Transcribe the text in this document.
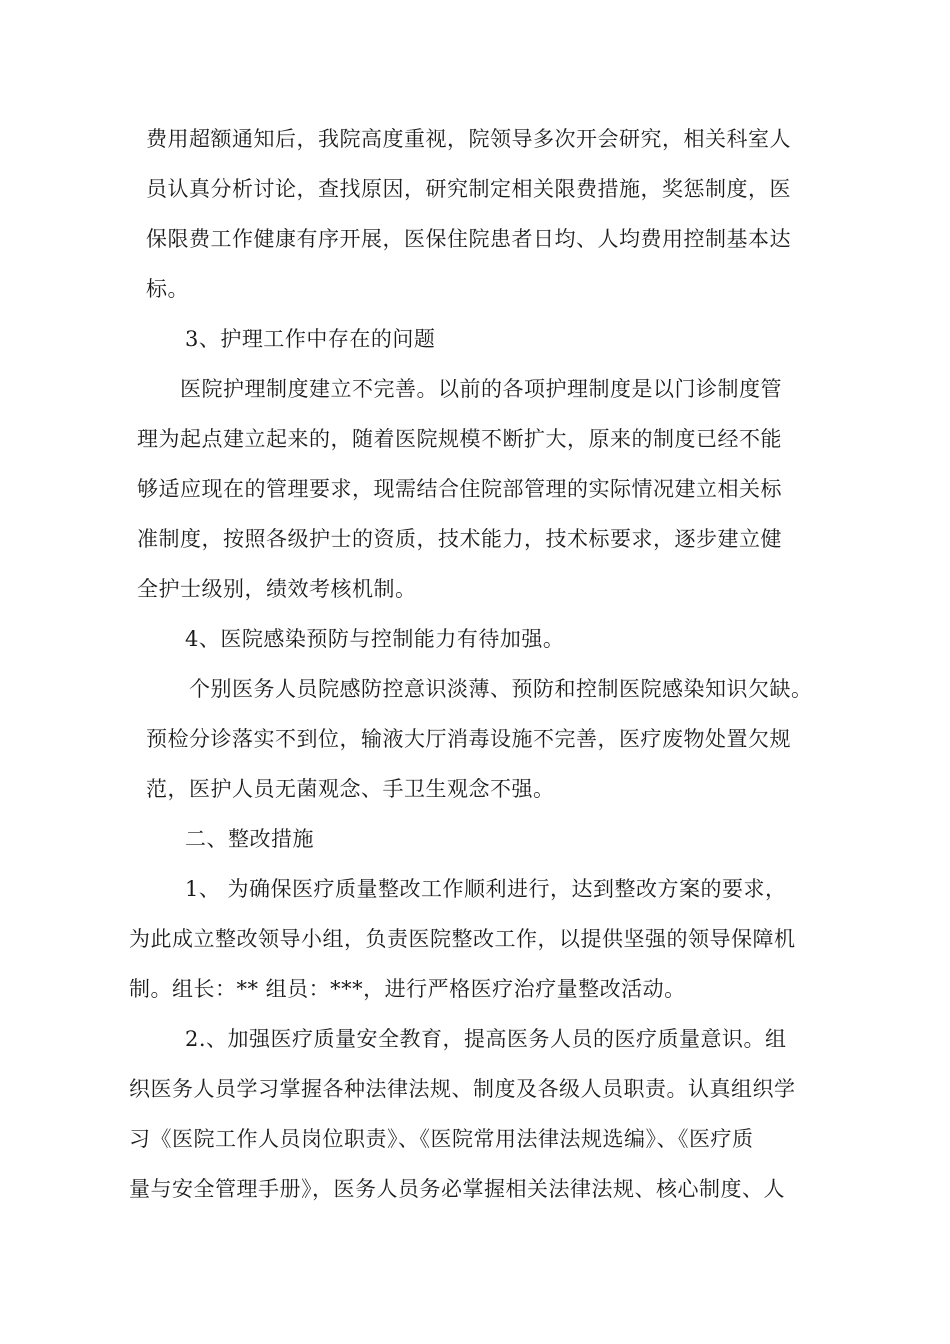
费用超额通知后，我院高度重视，院领导多次开会研究，相关科室人
员认真分析讨论，查找原因，研究制定相关限费措施，奖惩制度，医
保限费工作健康有序开展，医保住院患者日均、人均费用控制基本达
标。
3、护理工作中存在的问题
医院护理制度建立不完善。以前的各项护理制度是以门诊制度管
理为起点建立起来的，随着医院规模不断扩大，原来的制度已经不能
够适应现在的管理要求，现需结合住院部管理的实际情况建立相关标
准制度，按照各级护士的资质，技术能力，技术标要求，逐步建立健
全护士级别，绩效考核机制。
4、医院感染预防与控制能力有待加强。
个别医务人员院感防控意识淡薄、预防和控制医院感染知识欠缺。
预检分诊落实不到位，输液大厅消毒设施不完善，医疗废物处置欠规
范，医护人员无菌观念、手卫生观念不强。
二、整改措施
1、 为确保医疗质量整改工作顺利进行，达到整改方案的要求，
为此成立整改领导小组，负责医院整改工作，以提供坚强的领导保障机
制。组长：** 组员：***，进行严格医疗治疗量整改活动。
2.、加强医疗质量安全教育，提高医务人员的医疗质量意识。组
织医务人员学习掌握各种法律法规、制度及各级人员职责。认真组织学
习《医院工作人员岗位职责》、《医院常用法律法规选编》、《医疗质
量与安全管理手册》，医务人员务必掌握相关法律法规、核心制度、人
